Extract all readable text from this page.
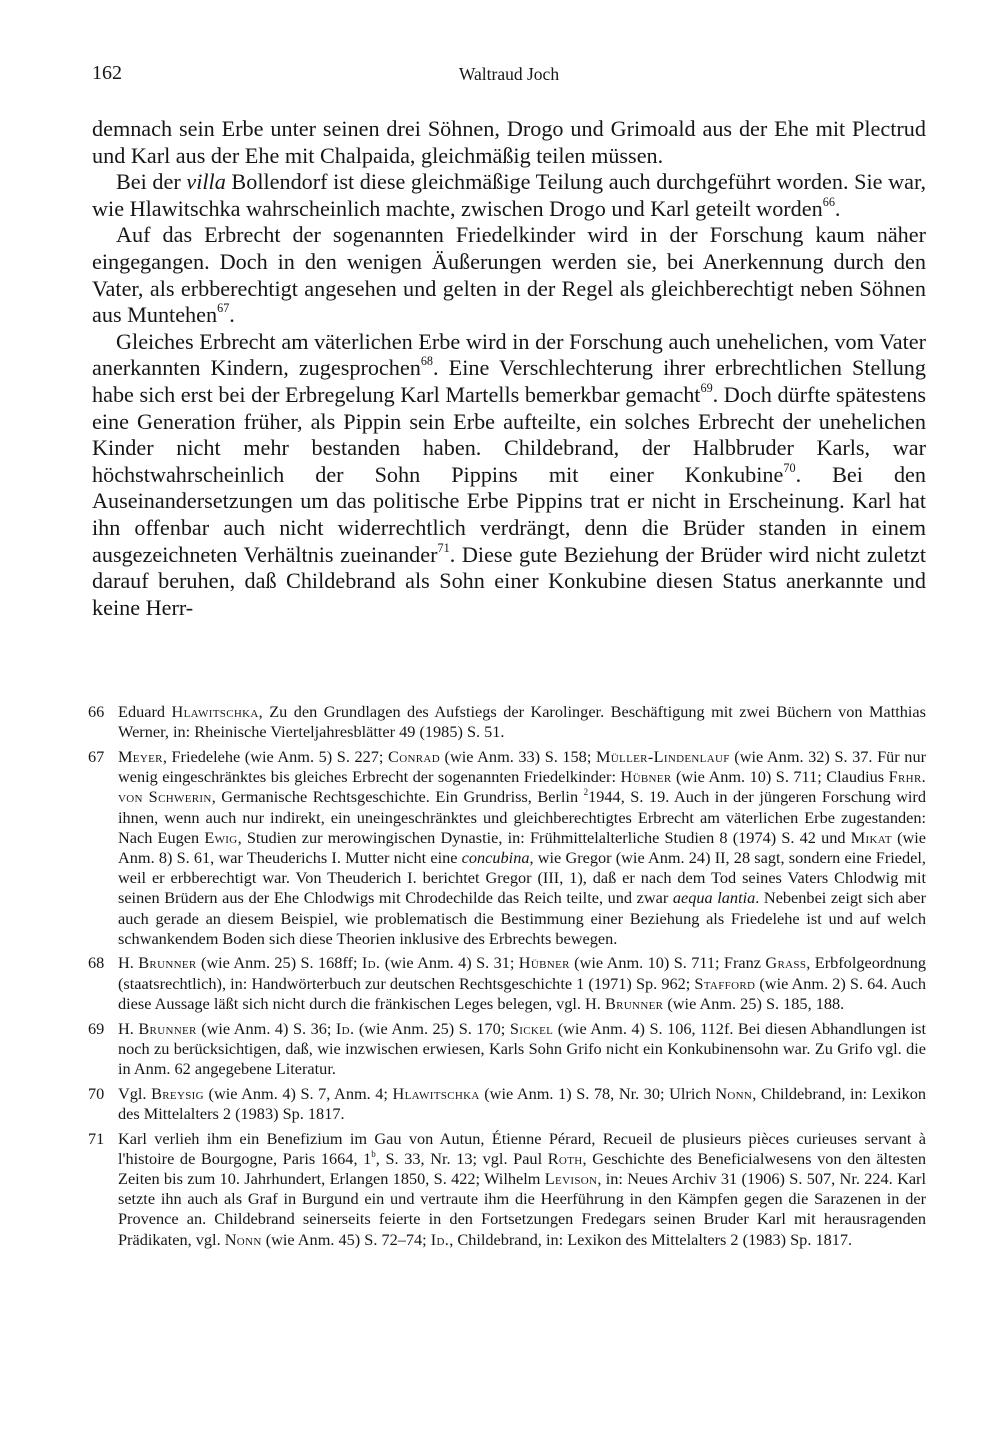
162	Waltraud Joch

demnach sein Erbe unter seinen drei Söhnen, Drogo und Grimoald aus der Ehe mit Plectrud und Karl aus der Ehe mit Chalpaida, gleichmäßig teilen müssen.

Bei der villa Bollendorf ist diese gleichmäßige Teilung auch durchgeführt worden. Sie war, wie Hlawitschka wahrscheinlich machte, zwischen Drogo und Karl geteilt worden$^{66}$.

Auf das Erbrecht der sogenannten Friedelkinder wird in der Forschung kaum näher eingegangen. Doch in den wenigen Äußerungen werden sie, bei Anerkennung durch den Vater, als erbberechtigt angesehen und gelten in der Regel als gleichberechtigt neben Söhnen aus Muntehen$^{67}$.

Gleiches Erbrecht am väterlichen Erbe wird in der Forschung auch unehelichen, vom Vater anerkannten Kindern, zugesprochen$^{68}$. Eine Verschlechterung ihrer erbrechtlichen Stellung habe sich erst bei der Erbregelung Karl Martells bemerkbar gemacht$^{69}$. Doch dürfte spätestens eine Generation früher, als Pippin sein Erbe aufteilte, ein solches Erbrecht der unehelichen Kinder nicht mehr bestanden haben. Childebrand, der Halbbruder Karls, war höchstwahrscheinlich der Sohn Pippins mit einer Konkubine$^{70}$. Bei den Auseinandersetzungen um das politische Erbe Pippins trat er nicht in Erscheinung. Karl hat ihn offenbar auch nicht widerrechtlich verdrängt, denn die Brüder standen in einem ausgezeichneten Verhältnis zueinander$^{71}$. Diese gute Beziehung der Brüder wird nicht zuletzt darauf beruhen, daß Childebrand als Sohn einer Konkubine diesen Status anerkannte und keine Herr-

66 Eduard Hlawitschka, Zu den Grundlagen des Aufstiegs der Karolinger. Beschäftigung mit zwei Büchern von Matthias Werner, in: Rheinische Vierteljahresblätter 49 (1985) S. 51.
67 Meyer, Friedelehe (wie Anm. 5) S. 227; Conrad (wie Anm. 33) S. 158; Müller-Lindenlauf (wie Anm. 32) S. 37. Für nur wenig eingeschränktes bis gleiches Erbrecht der sogenannten Friedelkinder: Hübner (wie Anm. 10) S. 711; Claudius Frhr. von Schwerin, Germanische Rechtsgeschichte. Ein Grundriss, Berlin $^2$1944, S. 19. Auch in der jüngeren Forschung wird ihnen, wenn auch nur indirekt, ein uneingeschränktes und gleichberechtigtes Erbrecht am väterlichen Erbe zugestanden: Nach Eugen Ewig, Studien zur merowingischen Dynastie, in: Frühmittelalterliche Studien 8 (1974) S. 42 und Mikat (wie Anm. 8) S. 61, war Theuderichs I. Mutter nicht eine concubina, wie Gregor (wie Anm. 24) II, 28 sagt, sondern eine Friedel, weil er erbberechtigt war. Von Theuderich I. berichtet Gregor (III, 1), daß er nach dem Tod seines Vaters Chlodwig mit seinen Brüdern aus der Ehe Chlodwigs mit Chrodechilde das Reich teilte, und zwar aequa lantia. Nebenbei zeigt sich aber auch gerade an diesem Beispiel, wie problematisch die Bestimmung einer Beziehung als Friedelehe ist und auf welch schwankendem Boden sich diese Theorien inklusive des Erbrechts bewegen.
68 H. Brunner (wie Anm. 25) S. 168ff; Id. (wie Anm. 4) S. 31; Hübner (wie Anm. 10) S. 711; Franz Grass, Erbfolgeordnung (staatsrechtlich), in: Handwörterbuch zur deutschen Rechtsgeschichte 1 (1971) Sp. 962; Stafford (wie Anm. 2) S. 64. Auch diese Aussage läßt sich nicht durch die fränkischen Leges belegen, vgl. H. Brunner (wie Anm. 25) S. 185, 188.
69 H. Brunner (wie Anm. 4) S. 36; Id. (wie Anm. 25) S. 170; Sickel (wie Anm. 4) S. 106, 112f. Bei diesen Abhandlungen ist noch zu berücksichtigen, daß, wie inzwischen erwiesen, Karls Sohn Grifo nicht ein Konkubinensohn war. Zu Grifo vgl. die in Anm. 62 angegebene Literatur.
70 Vgl. Breysig (wie Anm. 4) S. 7, Anm. 4; Hlawitschka (wie Anm. 1) S. 78, Nr. 30; Ulrich Nonn, Childebrand, in: Lexikon des Mittelalters 2 (1983) Sp. 1817.
71 Karl verlieh ihm ein Benefizium im Gau von Autun, Étienne Pérard, Recueil de plusieurs pièces curieuses servant à l'histoire de Bourgogne, Paris 1664, 1$^b$, S. 33, Nr. 13; vgl. Paul Roth, Geschichte des Beneficialwesens von den ältesten Zeiten bis zum 10. Jahrhundert, Erlangen 1850, S. 422; Wilhelm Levison, in: Neues Archiv 31 (1906) S. 507, Nr. 224. Karl setzte ihn auch als Graf in Burgund ein und vertraute ihm die Heerführung in den Kämpfen gegen die Sarazenen in der Provence an. Childebrand seinerseits feierte in den Fortsetzungen Fredegars seinen Bruder Karl mit herausragenden Prädikaten, vgl. Nonn (wie Anm. 45) S. 72–74; Id., Childebrand, in: Lexikon des Mittelalters 2 (1983) Sp. 1817.
